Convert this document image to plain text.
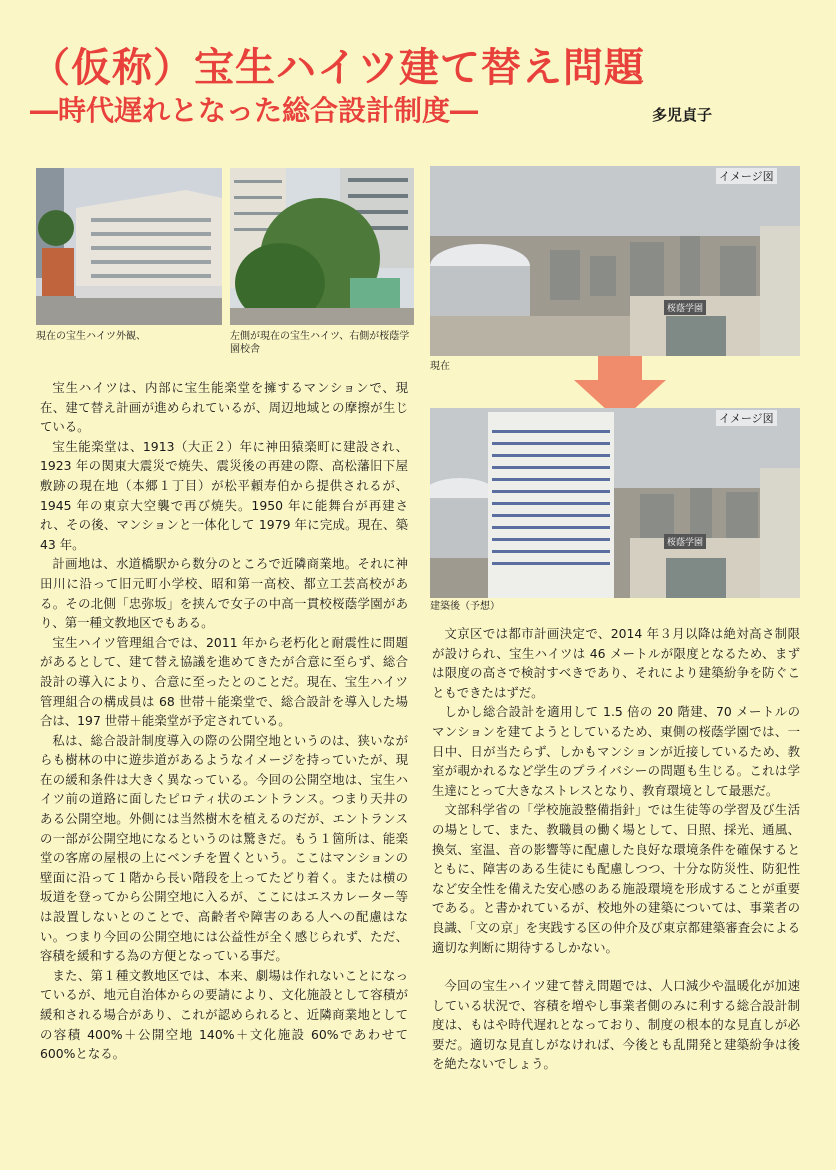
（仮称）宝生ハイツ建て替え問題
―時代遅れとなった総合設計制度―	多児貞子
現在の宝生ハイツ外観、	左側が現在の宝生ハイツ、右側が桜蔭学園校舎
イメージ図
桜蔭学園
現在
イメージ図
桜蔭学園
建築後（予想）

宝生ハイツは、内部に宝生能楽堂を擁するマンションで、現在、建て替え計画が進められているが、周辺地域との摩擦が生じている。

宝生能楽堂は、1913（大正２）年に神田猿楽町に建設され、1923 年の関東大震災で焼失、震災後の再建の際、高松藩旧下屋敷跡の現在地（本郷１丁目）が松平頼寿伯から提供されるが、1945 年の東京大空襲で再び焼失。1950 年に能舞台が再建され、その後、マンションと一体化して 1979 年に完成。現在、築 43 年。

計画地は、水道橋駅から数分のところで近隣商業地。それに神田川に沿って旧元町小学校、昭和第一高校、都立工芸高校がある。その北側「忠弥坂」を挟んで女子の中高一貫校桜蔭学園があり、第一種文教地区でもある。

宝生ハイツ管理組合では、2011 年から老朽化と耐震性に問題があるとして、建て替え協議を進めてきたが合意に至らず、総合設計の導入により、合意に至ったとのことだ。現在、宝生ハイツ管理組合の構成員は 68 世帯＋能楽堂で、総合設計を導入した場合は、197 世帯＋能楽堂が予定されている。

私は、総合設計制度導入の際の公開空地というのは、狭いながらも樹林の中に遊歩道があるようなイメージを持っていたが、現在の緩和条件は大きく異なっている。今回の公開空地は、宝生ハイツ前の道路に面したピロティ状のエントランス。つまり天井のある公開空地。外側には当然樹木を植えるのだが、エントランスの一部が公開空地になるというのは驚きだ。もう１箇所は、能楽堂の客席の屋根の上にベンチを置くという。ここはマンションの壁面に沿って１階から長い階段を上ってたどり着く。または横の坂道を登ってから公開空地に入るが、ここにはエスカレーター等は設置しないとのことで、高齢者や障害のある人への配慮はない。つまり今回の公開空地には公益性が全く感じられず、ただ、容積を緩和する為の方便となっている事だ。

また、第１種文教地区では、本来、劇場は作れないことになっているが、地元自治体からの要請により、文化施設として容積が緩和される場合があり、これが認められると、近隣商業地としての容積 400%＋公開空地 140%＋文化施設 60%であわせて 600%となる。

文京区では都市計画決定で、2014 年３月以降は絶対高さ制限が設けられ、宝生ハイツは 46 メートルが限度となるため、まずは限度の高さで検討すべきであり、それにより建築紛争を防ぐこともできたはずだ。

しかし総合設計を適用して 1.5 倍の 20 階建、70 メートルのマンションを建てようとしているため、東側の桜蔭学園では、一日中、日が当たらず、しかもマンションが近接しているため、教室が覗かれるなど学生のプライバシーの問題も生じる。これは学生達にとって大きなストレスとなり、教育環境として最悪だ。

文部科学省の「学校施設整備指針」では生徒等の学習及び生活の場として、また、教職員の働く場として、日照、採光、通風、換気、室温、音の影響等に配慮した良好な環境条件を確保するとともに、障害のある生徒にも配慮しつつ、十分な防災性、防犯性など安全性を備えた安心感のある施設環境を形成することが重要である。と書かれているが、校地外の建築については、事業者の良識、「文の京」を実践する区の仲介及び東京都建築審査会による適切な判断に期待するしかない。

今回の宝生ハイツ建て替え問題では、人口減少や温暖化が加速している状況で、容積を増やし事業者側のみに利する総合設計制度は、もはや時代遅れとなっており、制度の根本的な見直しが必要だ。適切な見直しがなければ、今後とも乱開発と建築紛争は後を絶たないでしょう。
